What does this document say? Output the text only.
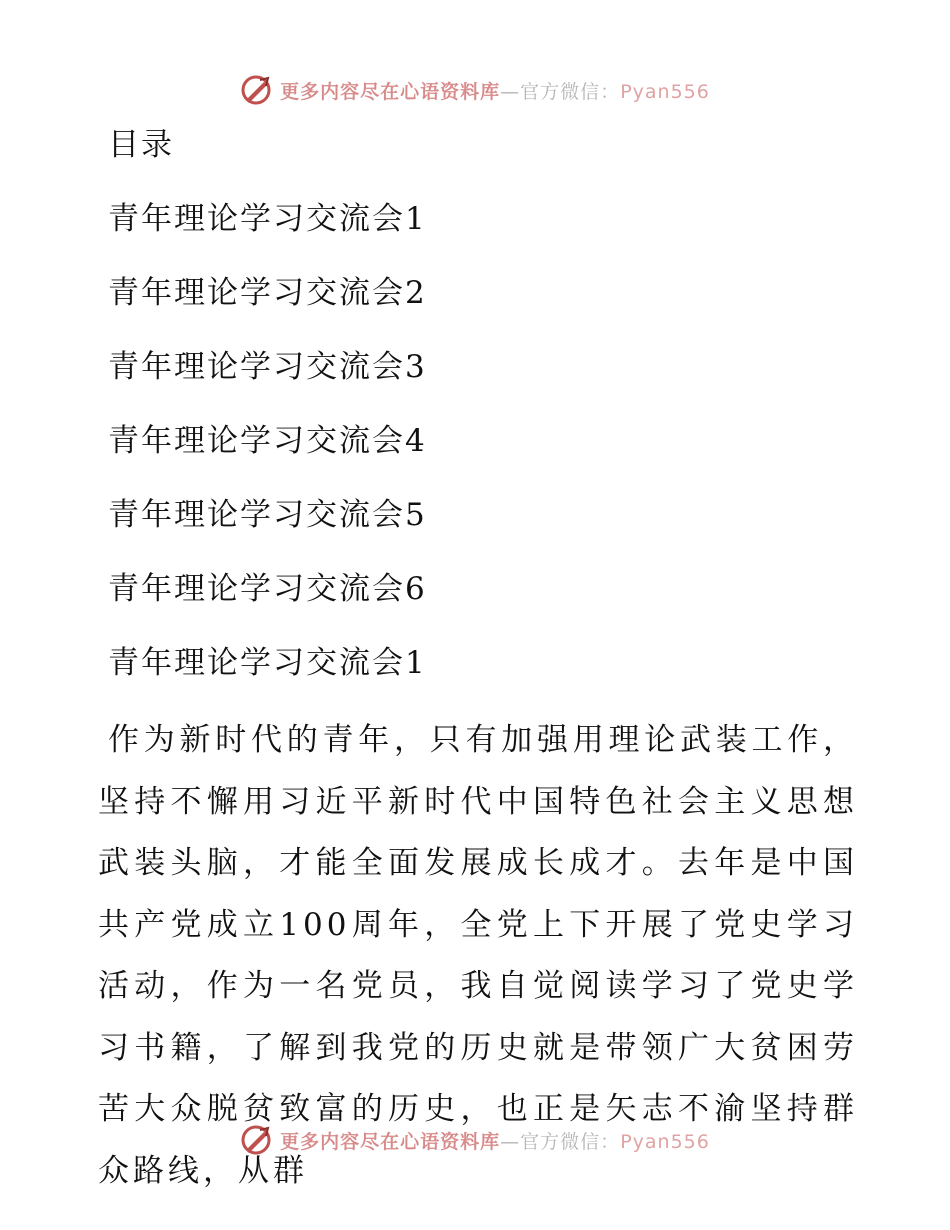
更多内容尽在心语资料库—官方微信：Pyan556
目录
青年理论学习交流会1
青年理论学习交流会2
青年理论学习交流会3
青年理论学习交流会4
青年理论学习交流会5
青年理论学习交流会6
青年理论学习交流会1

作为新时代的青年，只有加强用理论武装工作，坚持不懈用习近平新时代中国特色社会主义思想武装头脑，才能全面发展成长成才。去年是中国共产党成立100周年，全党上下开展了党史学习活动，作为一名党员，我自觉阅读学习了党史学习书籍，了解到我党的历史就是带领广大贫困劳苦大众脱贫致富的历史，也正是矢志不渝坚持群众路线，从群

更多内容尽在心语资料库—官方微信：Pyan556
